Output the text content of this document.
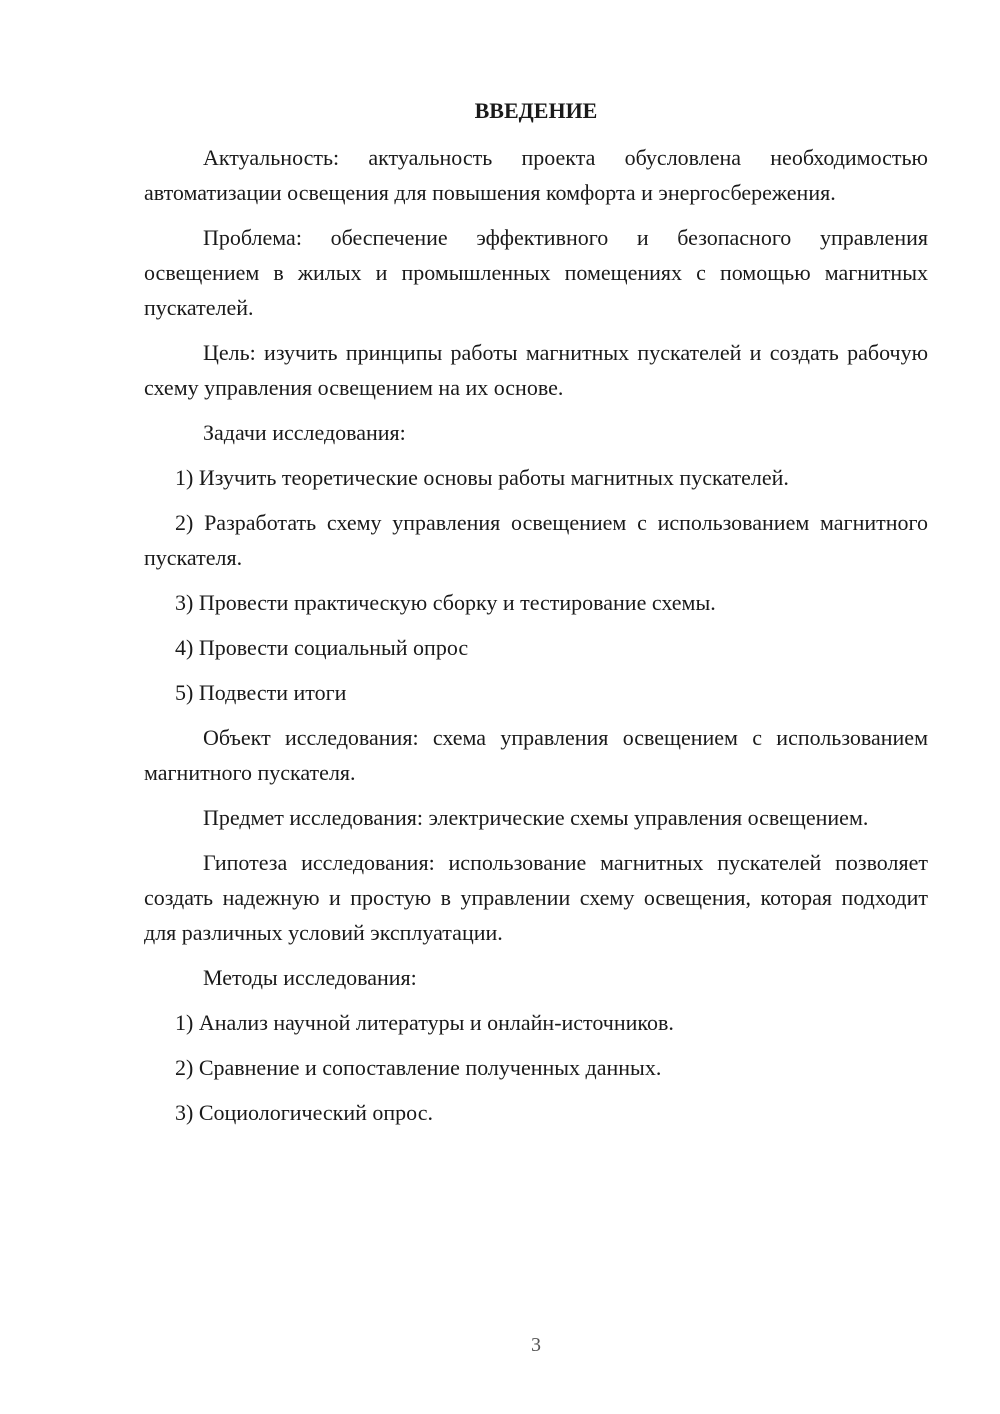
ВВЕДЕНИЕ

Актуальность: актуальность проекта обусловлена необходимостью автоматизации освещения для повышения комфорта и энергосбережения.

Проблема: обеспечение эффективного и безопасного управления освещением в жилых и промышленных помещениях с помощью магнитных пускателей.

Цель: изучить принципы работы магнитных пускателей и создать рабочую схему управления освещением на их основе.

Задачи исследования:

1) Изучить теоретические основы работы магнитных пускателей.

2) Разработать схему управления освещением с использованием магнитного пускателя.

3) Провести практическую сборку и тестирование схемы.

4) Провести социальный опрос

5) Подвести итоги

Объект исследования: схема управления освещением с использованием магнитного пускателя.

Предмет исследования: электрические схемы управления освещением.

Гипотеза исследования: использование магнитных пускателей позволяет создать надежную и простую в управлении схему освещения, которая подходит для различных условий эксплуатации.

Методы исследования:

1) Анализ научной литературы и онлайн-источников.

2) Сравнение и сопоставление полученных данных.

3) Социологический опрос.

3
